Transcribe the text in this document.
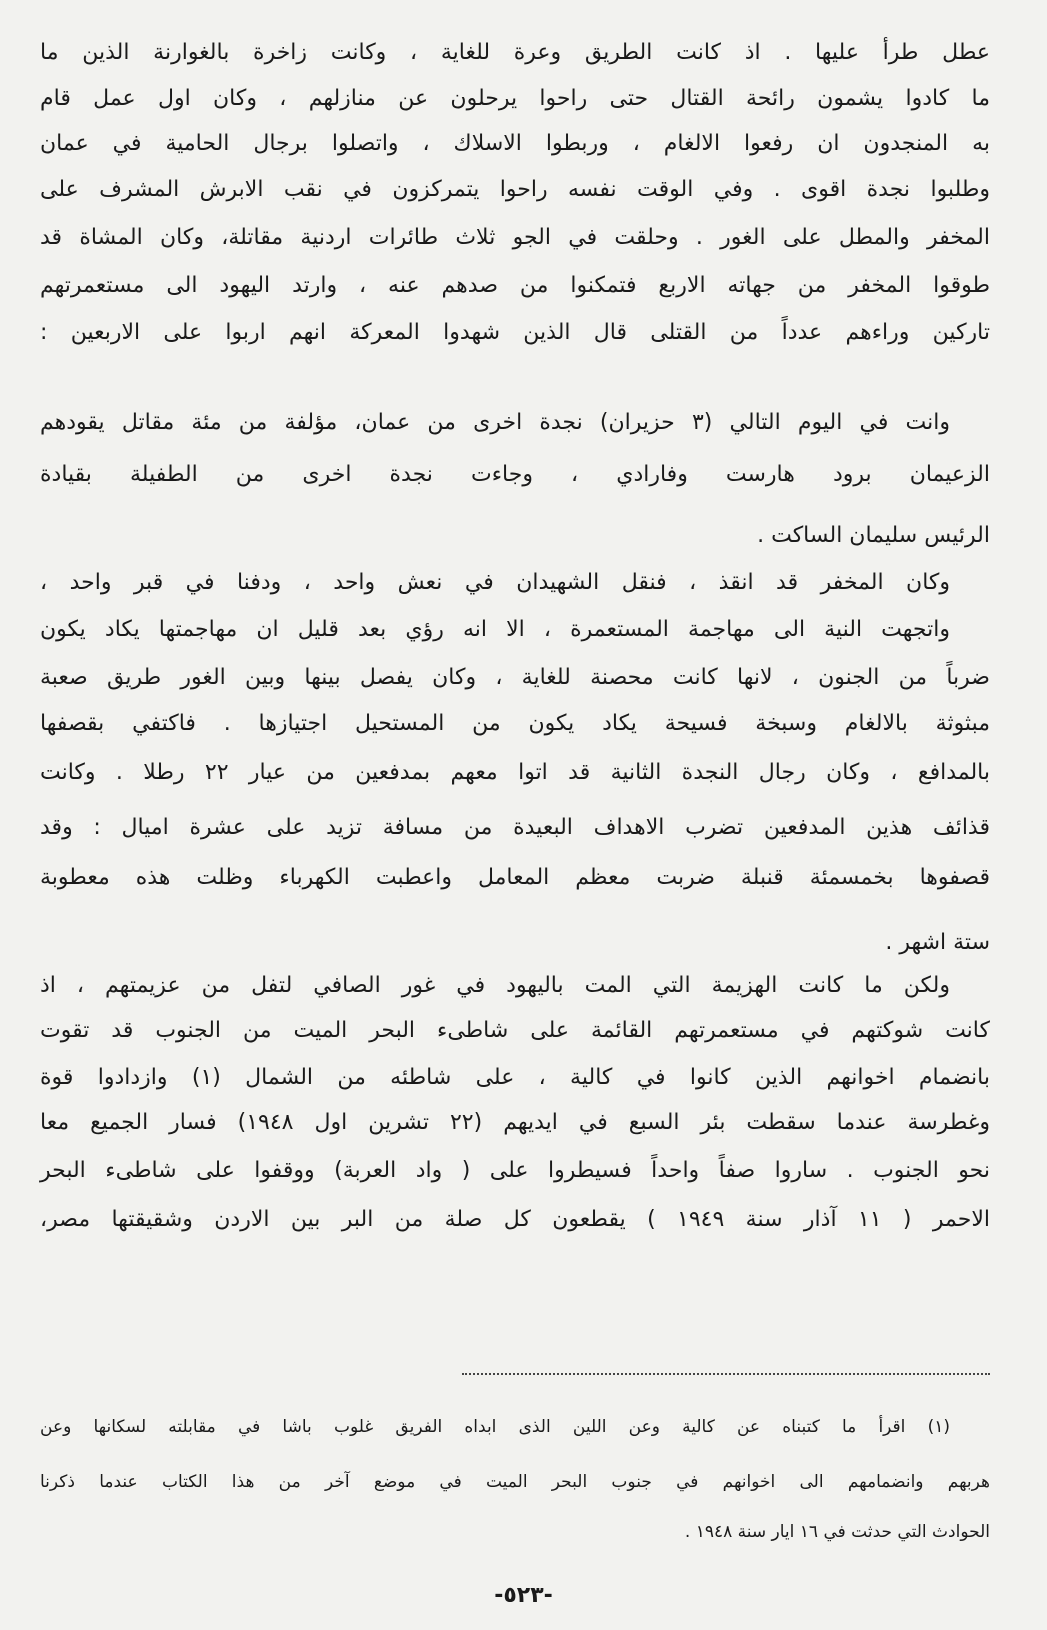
عطل طرأ عليها . اذ كانت الطريق وعرة للغاية ، وكانت زاخرة بالغوارنة الذين ما
ما كادوا يشمون رائحة القتال حتى راحوا يرحلون عن منازلهم ، وكان اول عمل قام
به المنجدون ان رفعوا الالغام ، وربطوا الاسلاك ، واتصلوا برجال الحامية في عمان
وطلبوا نجدة اقوى . وفي الوقت نفسه راحوا يتمركزون في نقب الابرش المشرف على
المخفر والمطل على الغور . وحلقت في الجو ثلاث طائرات اردنية مقاتلة، وكان المشاة قد
طوقوا المخفر من جهاته الاربع فتمكنوا من صدهم عنه ، وارتد اليهود الى مستعمرتهم
تاركين وراءهم عدداً من القتلى قال الذين شهدوا المعركة انهم اربوا على الاربعين :
وانت في اليوم التالي (٣ حزيران) نجدة اخرى من عمان، مؤلفة من مئة مقاتل يقودهم
الزعيمان برود هارست وفارادي ، وجاءت نجدة اخرى من الطفيلة بقيادة
الرئيس سليمان الساكت .
وكان المخفر قد انقذ ، فنقل الشهيدان في نعش واحد ، ودفنا في قبر واحد ،
واتجهت النية الى مهاجمة المستعمرة ، الا انه رؤي بعد قليل ان مهاجمتها يكاد يكون
ضرباً من الجنون ، لانها كانت محصنة للغاية ، وكان يفصل بينها وبين الغور طريق صعبة
مبثوثة بالالغام وسبخة فسيحة يكاد يكون من المستحيل اجتيازها . فاكتفي بقصفها
بالمدافع ، وكان رجال النجدة الثانية قد اتوا معهم بمدفعين من عيار ٢٢ رطلا . وكانت
قذائف هذين المدفعين تضرب الاهداف البعيدة من مسافة تزيد على عشرة اميال : وقد
قصفوها بخمسمئة قنبلة ضربت معظم المعامل واعطبت الكهرباء وظلت هذه معطوبة
ستة اشهر .
ولكن ما كانت الهزيمة التي المت باليهود في غور الصافي لتفل من عزيمتهم ، اذ
كانت شوكتهم في مستعمرتهم القائمة على شاطىء البحر الميت من الجنوب قد تقوت
بانضمام اخوانهم الذين كانوا في كالية ، على شاطئه من الشمال (١) وازدادوا قوة
وغطرسة عندما سقطت بئر السبع في ايديهم (٢٢ تشرين اول ١٩٤٨) فسار الجميع معا
نحو الجنوب . ساروا صفاً واحداً فسيطروا على ( واد العربة) ووقفوا على شاطىء البحر
الاحمر ( ١١ آذار سنة ١٩٤٩ ) يقطعون كل صلة من البر بين الاردن وشقيقتها مصر،
(١) اقرأ ما كتبناه عن كالية وعن اللين الذى ابداه الفريق غلوب باشا في مقابلته لسكانها وعن
هربهم وانضمامهم الى اخوانهم في جنوب البحر الميت في موضع آخر من هذا الكتاب عندما ذكرنا
الحوادث التي حدثت في ١٦ ايار سنة ١٩٤٨ .
-٥٢٣-
